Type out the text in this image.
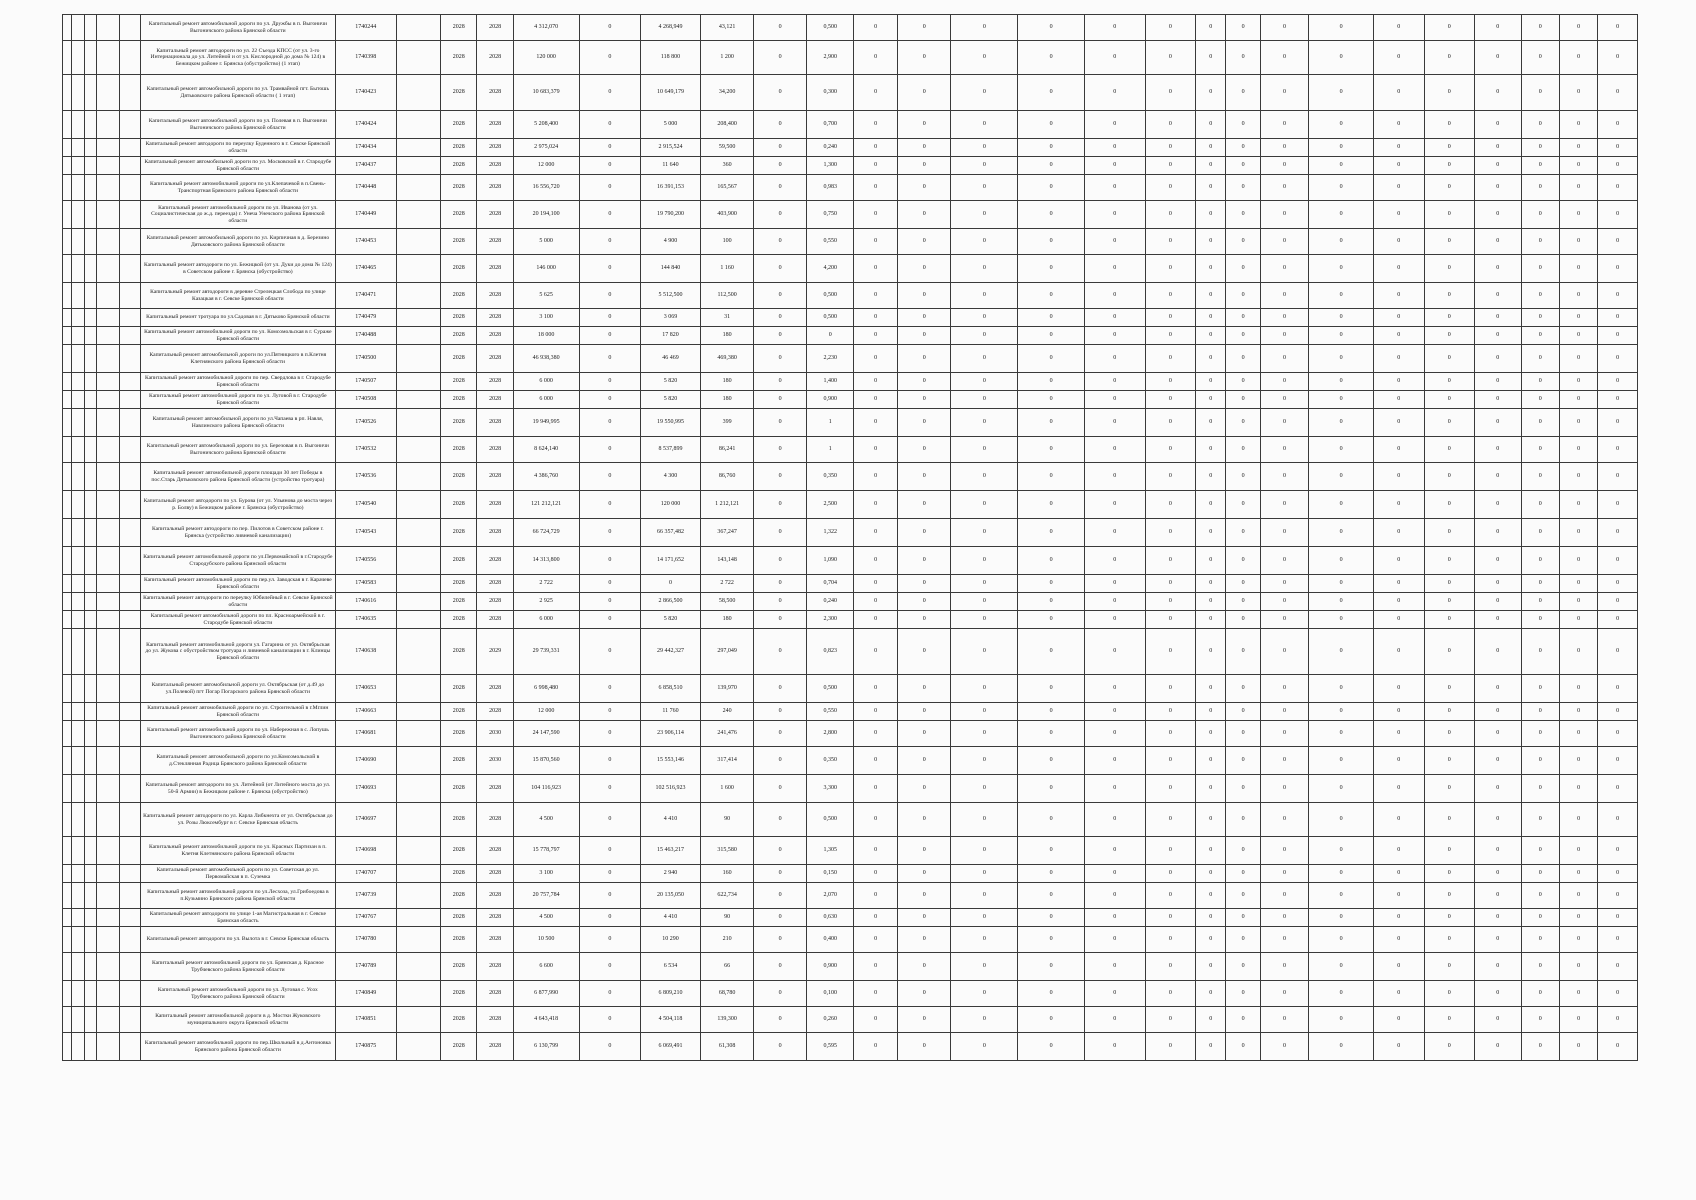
					Капитальный ремонт автомобильной дороги по ул. Дружбы в п. Выгоничи Выгоничского района Брянской области	1740244		2028	2028	4 312,070	0	4 268,949	43,121	0	0,500	0	0	0	0	0	0	0	0	0	0	0	0	0	0	0	0
					Капитальный ремонт автодороги по ул. 22 Съезда КПСС (от ул. 3-го Интернационала до ул. Литейной и от ул. Кислородной до дома № 124) в Бежицком районе г. Брянска (обустройство) (1 этап)	1740398		2028	2028	120 000	0	118 800	1 200	0	2,900	0	0	0	0	0	0	0	0	0	0	0	0	0	0	0	0
					Капитальный ремонт автомобильной дороги по ул. Трамвайной пгт. Бытошь Дятьковского района Брянской области ( 1 этап)	1740423		2028	2028	10 683,379	0	10 649,179	34,200	0	0,300	0	0	0	0	0	0	0	0	0	0	0	0	0	0	0	0
					Капитальный ремонт автомобильной дороги по ул. Полевая в п. Выгоничи Выгоничского района Брянской области	1740424		2028	2028	5 208,400	0	5 000	208,400	0	0,700	0	0	0	0	0	0	0	0	0	0	0	0	0	0	0	0
					Капитальный ремонт автодороги по переулку Буденного в г. Севске Брянской области	1740434		2028	2028	2 975,024	0	2 915,524	59,500	0	0,240	0	0	0	0	0	0	0	0	0	0	0	0	0	0	0	0
					Капитальный ремонт автомобильной дороги по ул. Московской в г. Стародубе Брянской области	1740437		2028	2028	12 000	0	11 640	360	0	1,300	0	0	0	0	0	0	0	0	0	0	0	0	0	0	0	0
					Капитальный ремонт автомобильной дороги по ул.Клепачевой в п.Свень-Транспортная Брянского района Брянской области	1740448		2028	2028	16 556,720	0	16 391,153	165,567	0	0,983	0	0	0	0	0	0	0	0	0	0	0	0	0	0	0	0
					Капитальный ремонт автомобильной дороги по ул. Иванова (от ул. Социалистическая до ж.д. переезда) г. Унеча Унечского района Брянской области	1740449		2028	2028	20 194,100	0	19 790,200	403,900	0	0,750	0	0	0	0	0	0	0	0	0	0	0	0	0	0	0	0
					Капитальный ремонт автомобильной дороги по ул. Кирпичная в д. Березино Дятьковского района Брянской области	1740453		2028	2028	5 000	0	4 900	100	0	0,550	0	0	0	0	0	0	0	0	0	0	0	0	0	0	0	0
					Капитальный ремонт автодороги по ул. Бежицкой (от ул. Дуки до дома № 124) в Советском районе г. Брянска (обустройство)	1740465		2028	2028	146 000	0	144 840	1 160	0	4,200	0	0	0	0	0	0	0	0	0	0	0	0	0	0	0	0
					Капитальный ремонт автодороги в деревне Стрелецкая Слобода по улице Казацкая в г. Севске Брянской области	1740471		2028	2028	5 625	0	5 512,500	112,500	0	0,500	0	0	0	0	0	0	0	0	0	0	0	0	0	0	0	0
					Капитальный ремонт тротуара по ул.Садовая в г. Дятьково Брянской области	1740479		2028	2028	3 100	0	3 069	31	0	0,500	0	0	0	0	0	0	0	0	0	0	0	0	0	0	0	0
					Капитальный ремонт автомобильной дороги по ул. Комсомольская в г. Сураже Брянской области	1740488		2028	2028	18 000	0	17 820	180	0	0	0	0	0	0	0	0	0	0	0	0	0	0	0	0	0	0
					Капитальный ремонт автомобильной дороги по ул.Пятницкого в п.Клетня Клетнянского района Брянской области	1740500		2028	2028	46 938,380	0	46 469	469,380	0	2,230	0	0	0	0	0	0	0	0	0	0	0	0	0	0	0	0
					Капитальный ремонт автомобильной дороги по пер. Свердлова в г. Стародубе Брянской области	1740507		2028	2028	6 000	0	5 820	180	0	1,400	0	0	0	0	0	0	0	0	0	0	0	0	0	0	0	0
					Капитальный ремонт автомобильной дороги по ул. Луговой в г. Стародубе Брянской области	1740508		2028	2028	6 000	0	5 820	180	0	0,900	0	0	0	0	0	0	0	0	0	0	0	0	0	0	0	0
					Капитальный ремонт автомобильной дороги по ул.Чапаева в рп. Навля, Навлинского района Брянской области	1740526		2028	2028	19 949,995	0	19 550,995	399	0	1	0	0	0	0	0	0	0	0	0	0	0	0	0	0	0	0
					Капитальный ремонт автомобильной дороги по ул. Березовая в п. Выгоничи Выгоничского района Брянской области	1740532		2028	2028	8 624,140	0	8 537,899	86,241	0	1	0	0	0	0	0	0	0	0	0	0	0	0	0	0	0	0
					Капитальный ремонт автомобильной дороги площади 30 лет Победы в пос.Старь Дятьковского района Брянской области (устройство тротуара)	1740536		2028	2028	4 386,760	0	4 300	86,760	0	0,350	0	0	0	0	0	0	0	0	0	0	0	0	0	0	0	0
					Капитальный ремонт автодороги по ул. Бурова (от ул. Ульянова до моста через р. Болву) в Бежицком районе г. Брянска (обустройство)	1740540		2028	2028	121 212,121	0	120 000	1 212,121	0	2,500	0	0	0	0	0	0	0	0	0	0	0	0	0	0	0	0
					Капитальный ремонт автодороги по пер. Пилотов в Советском районе г. Брянска (устройство ливневой канализации)	1740543		2028	2028	66 724,729	0	66 357,482	367,247	0	1,322	0	0	0	0	0	0	0	0	0	0	0	0	0	0	0	0
					Капитальный ремонт автомобильной дороги по ул.Первомайской в г.Стародубе Стародубского района Брянской области	1740556		2028	2028	14 313,800	0	14 171,652	143,148	0	1,090	0	0	0	0	0	0	0	0	0	0	0	0	0	0	0	0
					Капитальный ремонт автомобильной дороги по пер.ул. Заводская в г. Карачеве Брянской области	1740583		2028	2028	2 722	0	0	2 722	0	0,704	0	0	0	0	0	0	0	0	0	0	0	0	0	0	0	0
					Капитальный ремонт автодороги по переулку Юбилейный в г. Севске Брянской области	1740616		2028	2028	2 925	0	2 866,500	58,500	0	0,240	0	0	0	0	0	0	0	0	0	0	0	0	0	0	0	0
					Капитальный ремонт автомобильной дороги по пл. Красноармейской в г. Стародубе Брянской области	1740635		2028	2028	6 000	0	5 820	180	0	2,300	0	0	0	0	0	0	0	0	0	0	0	0	0	0	0	0
					Капитальный ремонт автомобильной дороги ул. Гагарина от ул. Октябрьская до ул. Жукова с обустройством тротуара и ливневой канализации в г. Клинцы Брянской области	1740638		2028	2029	29 739,331	0	29 442,327	297,049	0	0,823	0	0	0	0	0	0	0	0	0	0	0	0	0	0	0	0
					Капитальный ремонт автомобильной дороги ул. Октябрьская (от д.49 до ул.Полевой) пгт Погар Погарского района Брянской области	1740653		2028	2028	6 998,480	0	6 858,510	139,970	0	0,500	0	0	0	0	0	0	0	0	0	0	0	0	0	0	0	0
					Капитальный ремонт автомобильной дороги по ул. Строительной в г.Мглин Брянской области	1740663		2028	2028	12 000	0	11 760	240	0	0,550	0	0	0	0	0	0	0	0	0	0	0	0	0	0	0	0
					Капитальный ремонт автомобильной дороги по ул. Набережная в с. Лопушь Выгоничского района Брянской области	1740681		2028	2030	24 147,590	0	23 906,114	241,476	0	2,800	0	0	0	0	0	0	0	0	0	0	0	0	0	0	0	0
					Капитальный ремонт автомобильной дороги по ул.Комсомольской в д.Стеклянная Радица Брянского района Брянской области	1740690		2028	2030	15 870,560	0	15 553,146	317,414	0	0,350	0	0	0	0	0	0	0	0	0	0	0	0	0	0	0	0
					Капитальный ремонт автодороги по ул. Литейной (от Литейного моста до ул. 50-й Армии) в Бежицком районе г. Брянска (обустройство)	1740693		2028	2028	104 116,923	0	102 516,923	1 600	0	3,300	0	0	0	0	0	0	0	0	0	0	0	0	0	0	0	0
					Капитальный ремонт автодороги по ул. Карла Либкнехта от ул. Октябрьская до ул. Розы Люксембург в г. Севске Брянская область	1740697		2028	2028	4 500	0	4 410	90	0	0,500	0	0	0	0	0	0	0	0	0	0	0	0	0	0	0	0
					Капитальный ремонт автомобильной дороги по ул. Красных Партизан в п. Клетня Клетнянского района Брянской области	1740698		2028	2028	15 778,797	0	15 463,217	315,580	0	1,305	0	0	0	0	0	0	0	0	0	0	0	0	0	0	0	0
					Капитальный ремонт автомобильной дороги по ул. Советская до ул. Первомайская в п. Суземка	1740707		2028	2028	3 100	0	2 940	160	0	0,150	0	0	0	0	0	0	0	0	0	0	0	0	0	0	0	0
					Капитальный ремонт автомобильной дороги по ул.Лесхоза, ул.Грибоедова в п.Кузьмино Брянского района Брянской области	1740739		2028	2028	20 757,784	0	20 135,050	622,734	0	2,070	0	0	0	0	0	0	0	0	0	0	0	0	0	0	0	0
					Капитальный ремонт автодороги по улице 1-ая Магистральная в г. Севске Брянская область	1740767		2028	2028	4 500	0	4 410	90	0	0,630	0	0	0	0	0	0	0	0	0	0	0	0	0	0	0	0
					Капитальный ремонт автодороги по ул. Вылота в г. Севске Брянская область	1740780		2028	2028	10 500	0	10 290	210	0	0,400	0	0	0	0	0	0	0	0	0	0	0	0	0	0	0	0
					Капитальный ремонт автомобильной дороги по ул. Брянская д. Красное Трубчевского района Брянской области	1740789		2028	2028	6 600	0	6 534	66	0	0,900	0	0	0	0	0	0	0	0	0	0	0	0	0	0	0	0
					Капитальный ремонт автомобильной дороги по ул. Луговая с. Усох Трубчевского района Брянской области	1740849		2028	2028	6 877,990	0	6 809,210	68,780	0	0,100	0	0	0	0	0	0	0	0	0	0	0	0	0	0	0	0
					Капитальный ремонт автомобильной дороги в д. Мостки Жуковского муниципального округа Брянской области	1740851		2028	2028	4 643,418	0	4 504,118	139,300	0	0,260	0	0	0	0	0	0	0	0	0	0	0	0	0	0	0	0
					Капитальный ремонт автомобильной дороги по пер.Школьный в д.Антоновка Брянского района Брянской области	1740875		2028	2028	6 130,799	0	6 069,491	61,308	0	0,595	0	0	0	0	0	0	0	0	0	0	0	0	0	0	0	0
